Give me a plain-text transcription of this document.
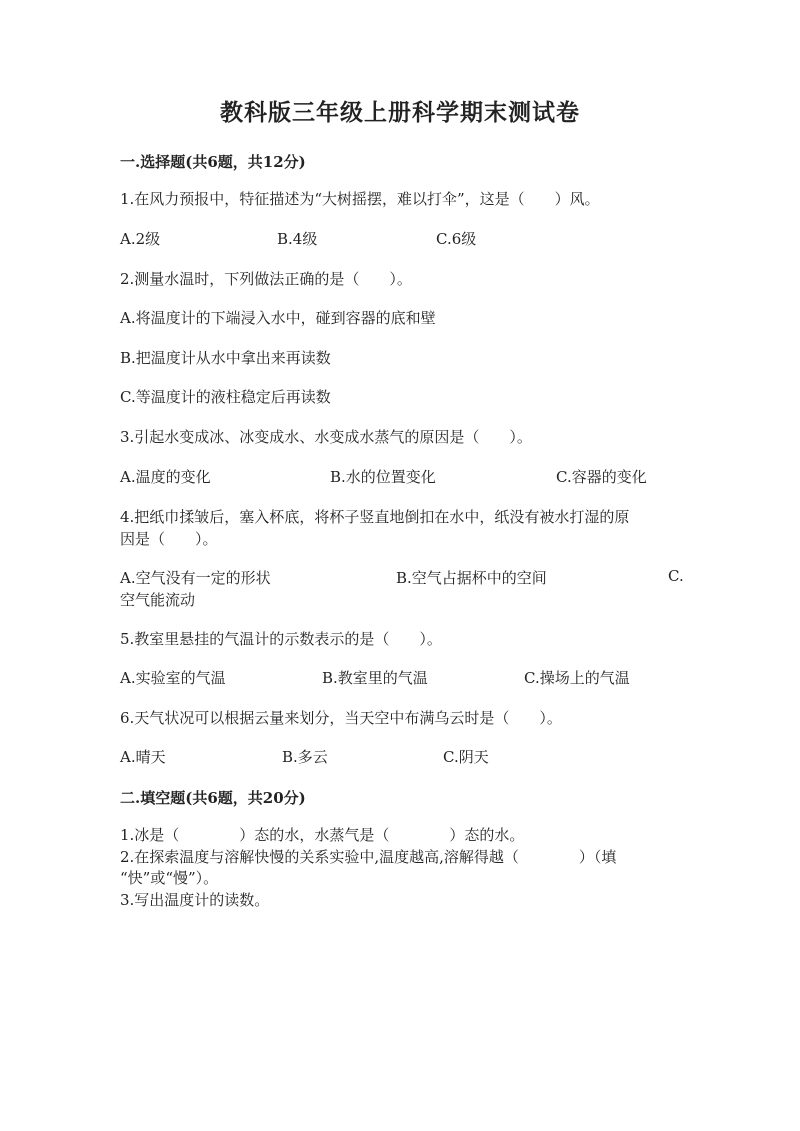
教科版三年级上册科学期末测试卷
一.选择题(共6题，共12分)
1.在风力预报中，特征描述为“大树摇摆，难以打伞”，这是（　　）风。
A.2级	B.4级	C.6级
2.测量水温时，下列做法正确的是（　　）。
A.将温度计的下端浸入水中，碰到容器的底和壁
B.把温度计从水中拿出来再读数
C.等温度计的液柱稳定后再读数
3.引起水变成冰、冰变成水、水变成水蒸气的原因是（　　）。
A.温度的变化	B.水的位置变化	C.容器的变化
4.把纸巾揉皱后，塞入杯底，将杯子竖直地倒扣在水中，纸没有被水打湿的原
因是（　　）。
A.空气没有一定的形状	B.空气占据杯中的空间	C.
空气能流动
5.教室里悬挂的气温计的示数表示的是（　　）。
A.实验室的气温	B.教室里的气温	C.操场上的气温
6.天气状况可以根据云量来划分，当天空中布满乌云时是（　　）。
A.晴天	B.多云	C.阴天
二.填空题(共6题，共20分)
1.冰是（　　　　）态的水，水蒸气是（　　　　）态的水。
2.在探索温度与溶解快慢的关系实验中,温度越高,溶解得越（　　　　）（填
“快”或“慢”）。
3.写出温度计的读数。
